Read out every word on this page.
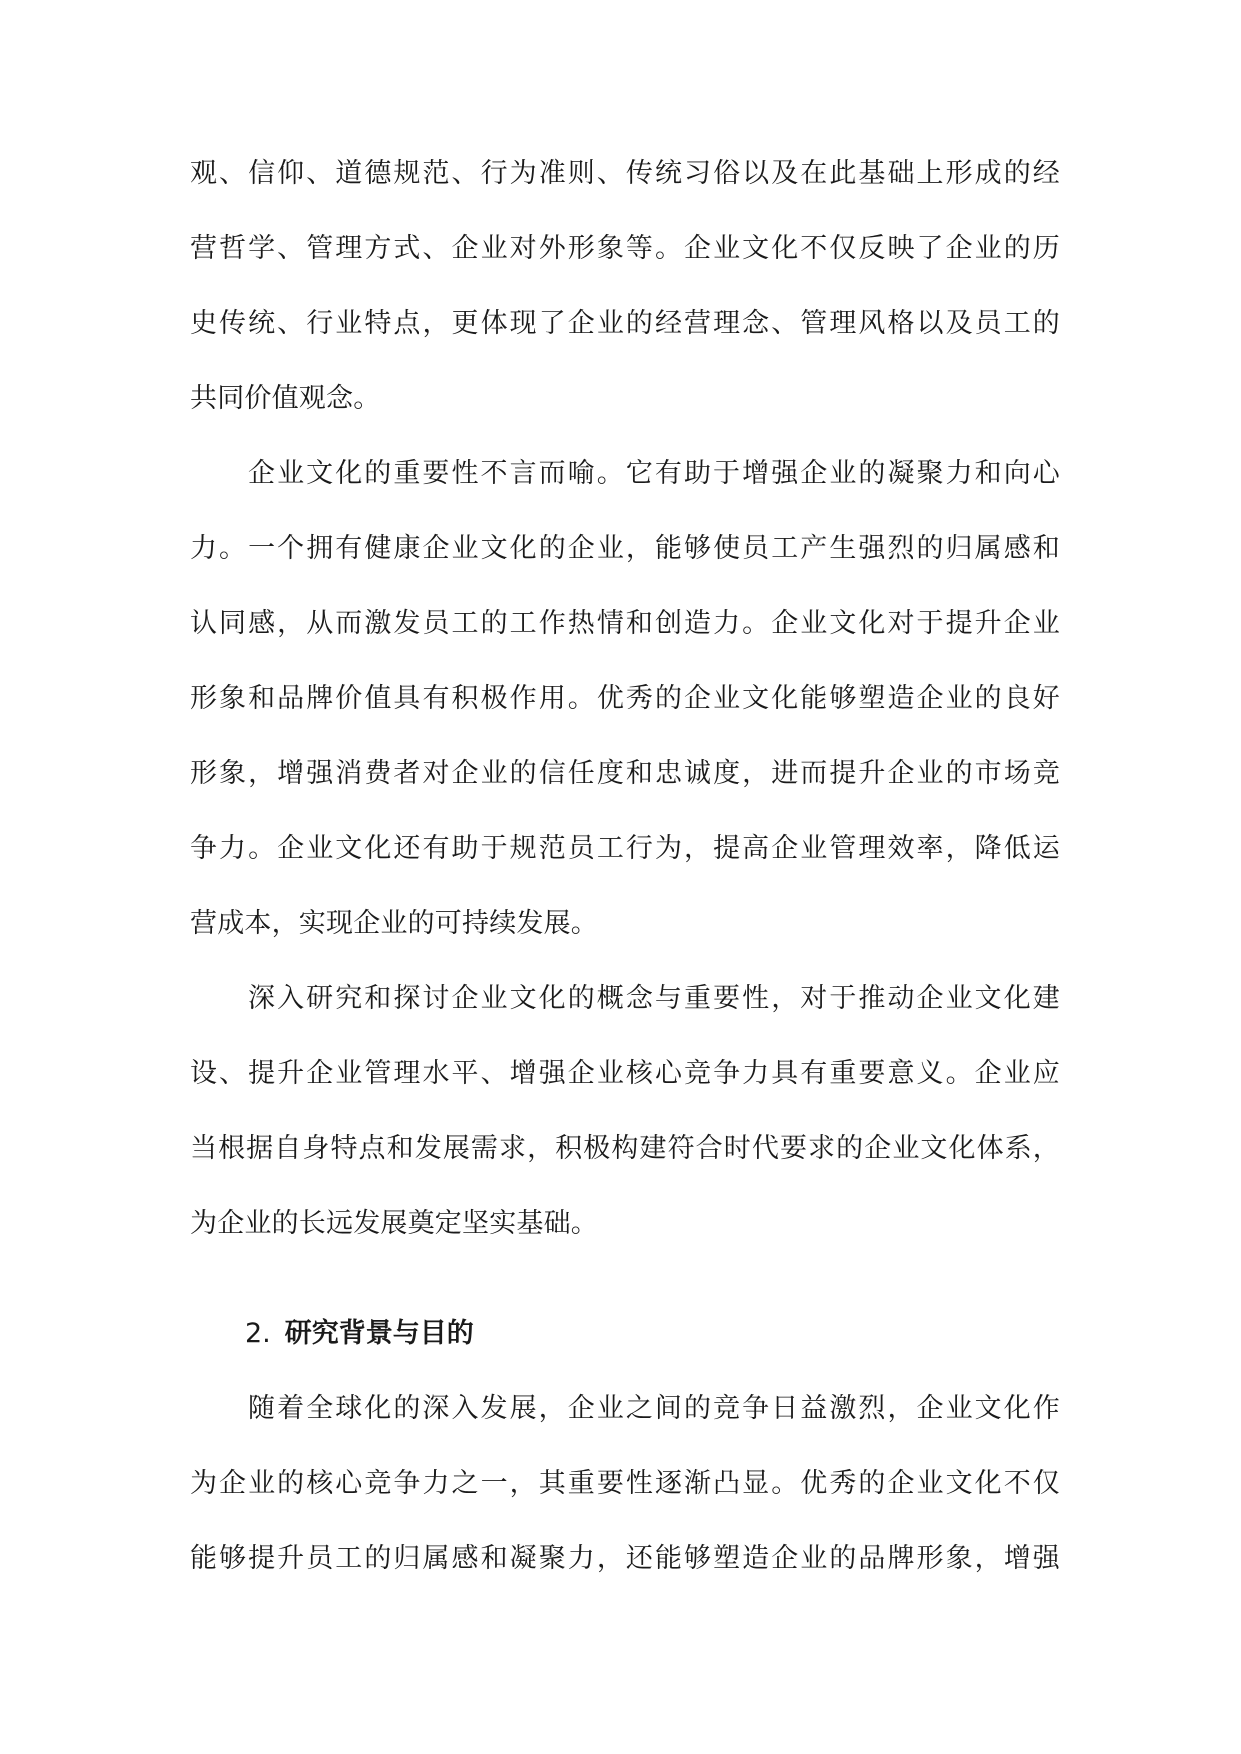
观、信仰、道德规范、行为准则、传统习俗以及在此基础上形成的经
营哲学、管理方式、企业对外形象等。企业文化不仅反映了企业的历
史传统、行业特点，更体现了企业的经营理念、管理风格以及员工的
共同价值观念。
企业文化的重要性不言而喻。它有助于增强企业的凝聚力和向心
力。一个拥有健康企业文化的企业，能够使员工产生强烈的归属感和
认同感，从而激发员工的工作热情和创造力。企业文化对于提升企业
形象和品牌价值具有积极作用。优秀的企业文化能够塑造企业的良好
形象，增强消费者对企业的信任度和忠诚度，进而提升企业的市场竞
争力。企业文化还有助于规范员工行为，提高企业管理效率，降低运
营成本，实现企业的可持续发展。
深入研究和探讨企业文化的概念与重要性，对于推动企业文化建
设、提升企业管理水平、增强企业核心竞争力具有重要意义。企业应
当根据自身特点和发展需求，积极构建符合时代要求的企业文化体系，
为企业的长远发展奠定坚实基础。
2. 研究背景与目的
随着全球化的深入发展，企业之间的竞争日益激烈，企业文化作
为企业的核心竞争力之一，其重要性逐渐凸显。优秀的企业文化不仅
能够提升员工的归属感和凝聚力，还能够塑造企业的品牌形象，增强
